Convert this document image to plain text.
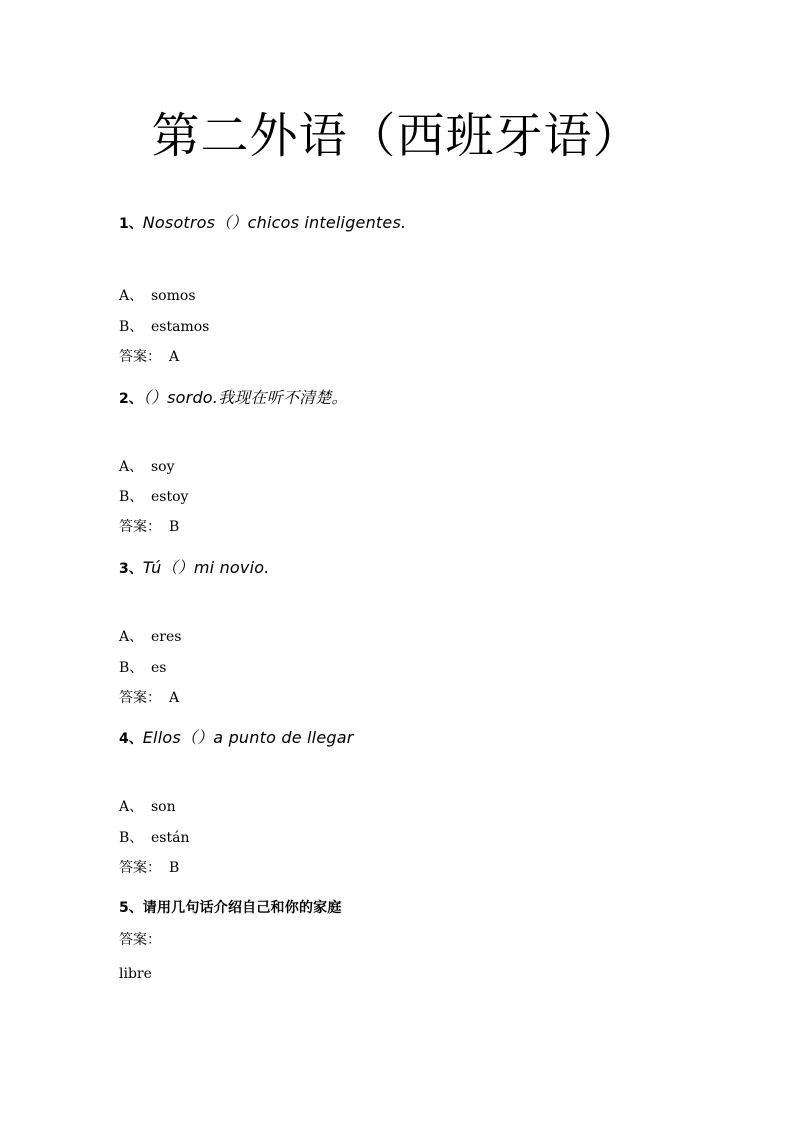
第二外语（西班牙语）
1、Nosotros（）chicos inteligentes.
A、 somos
B、 estamos
答案： A
2、（）sordo.我现在听不清楚。
A、 soy
B、 estoy
答案： B
3、Tú（）mi novio.
A、 eres
B、 es
答案： A
4、Ellos（）a punto de llegar
A、 son
B、 están
答案： B
5、请用几句话介绍自己和你的家庭
答案：
libre
